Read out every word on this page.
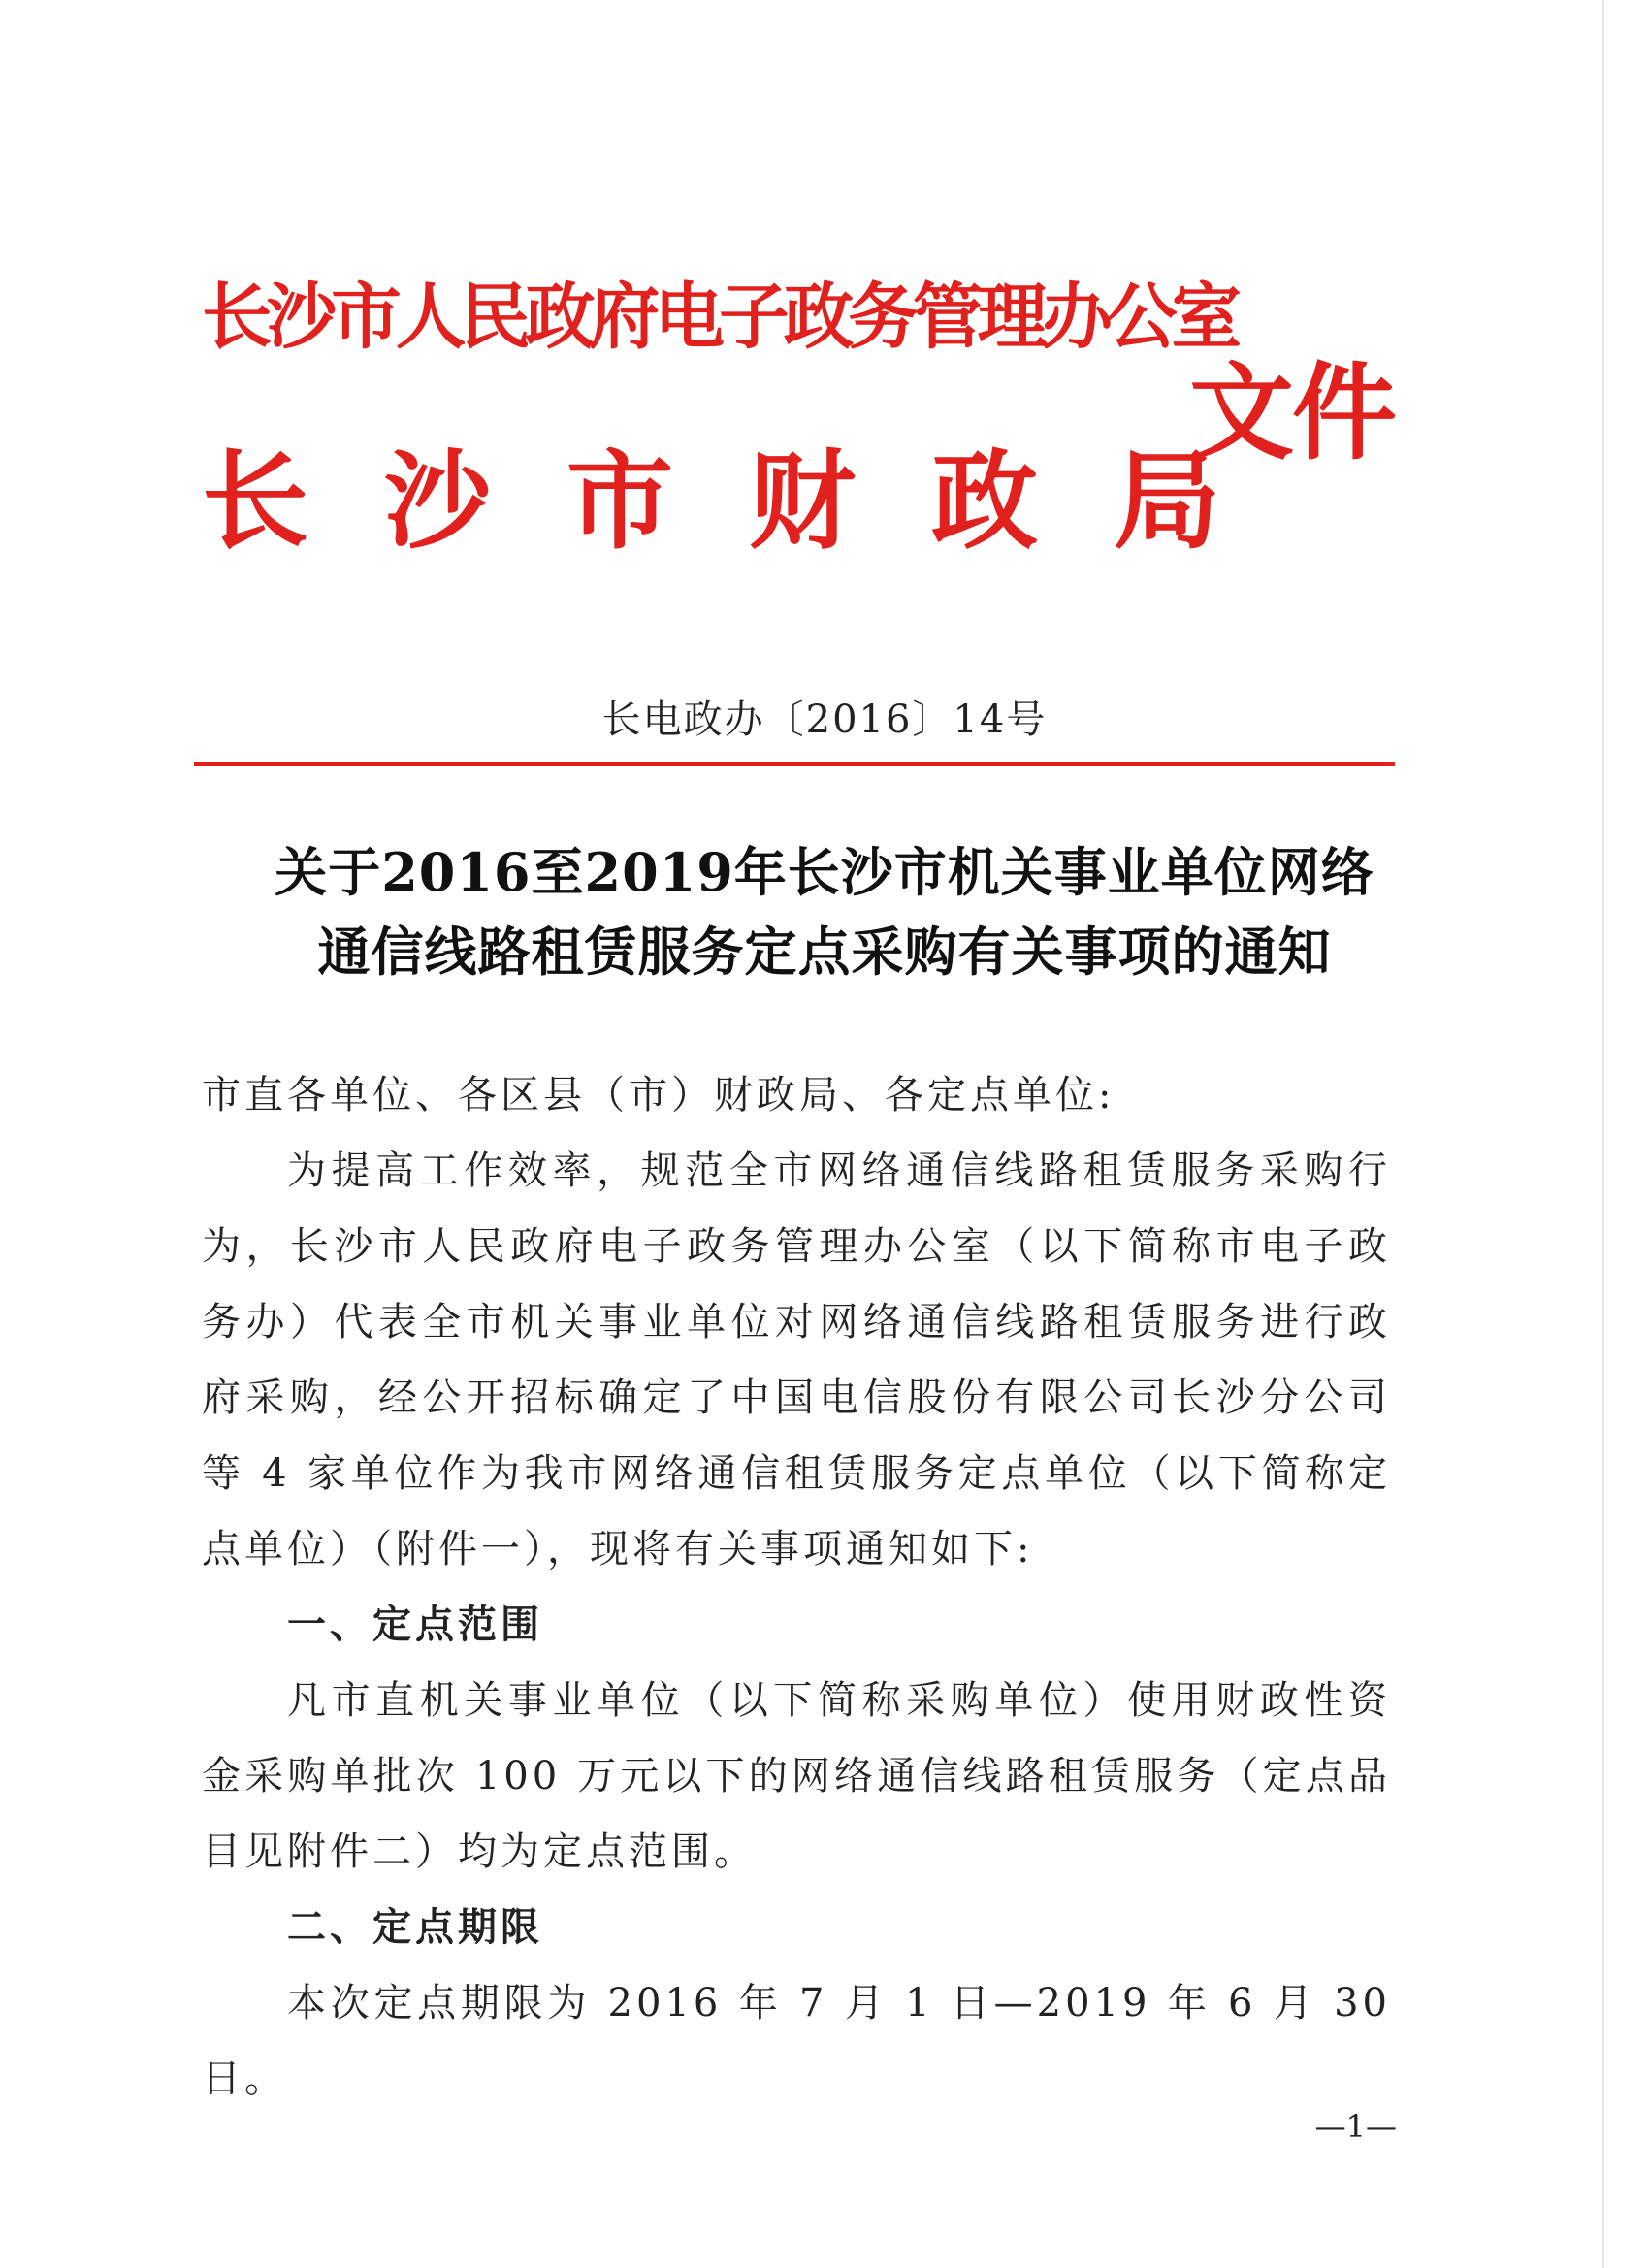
长沙市人民政府电子政务管理办公室
长沙市财政局
文件
长电政办〔2016〕14号
关于2016至2019年长沙市机关事业单位网络
通信线路租赁服务定点采购有关事项的通知

市直各单位、各区县（市）财政局、各定点单位:

为提高工作效率，规范全市网络通信线路租赁服务采购行为，长沙市人民政府电子政务管理办公室（以下简称市电子政务办）代表全市机关事业单位对网络通信线路租赁服务进行政府采购，经公开招标确定了中国电信股份有限公司长沙分公司等 4 家单位作为我市网络通信租赁服务定点单位（以下简称定点单位）（附件一），现将有关事项通知如下:

一、定点范围

凡市直机关事业单位（以下简称采购单位）使用财政性资金采购单批次 100 万元以下的网络通信线路租赁服务（定点品目见附件二）均为定点范围。

二、定点期限

本次定点期限为 2016 年 7 月 1 日—2019 年 6 月 30 日。

—1—
